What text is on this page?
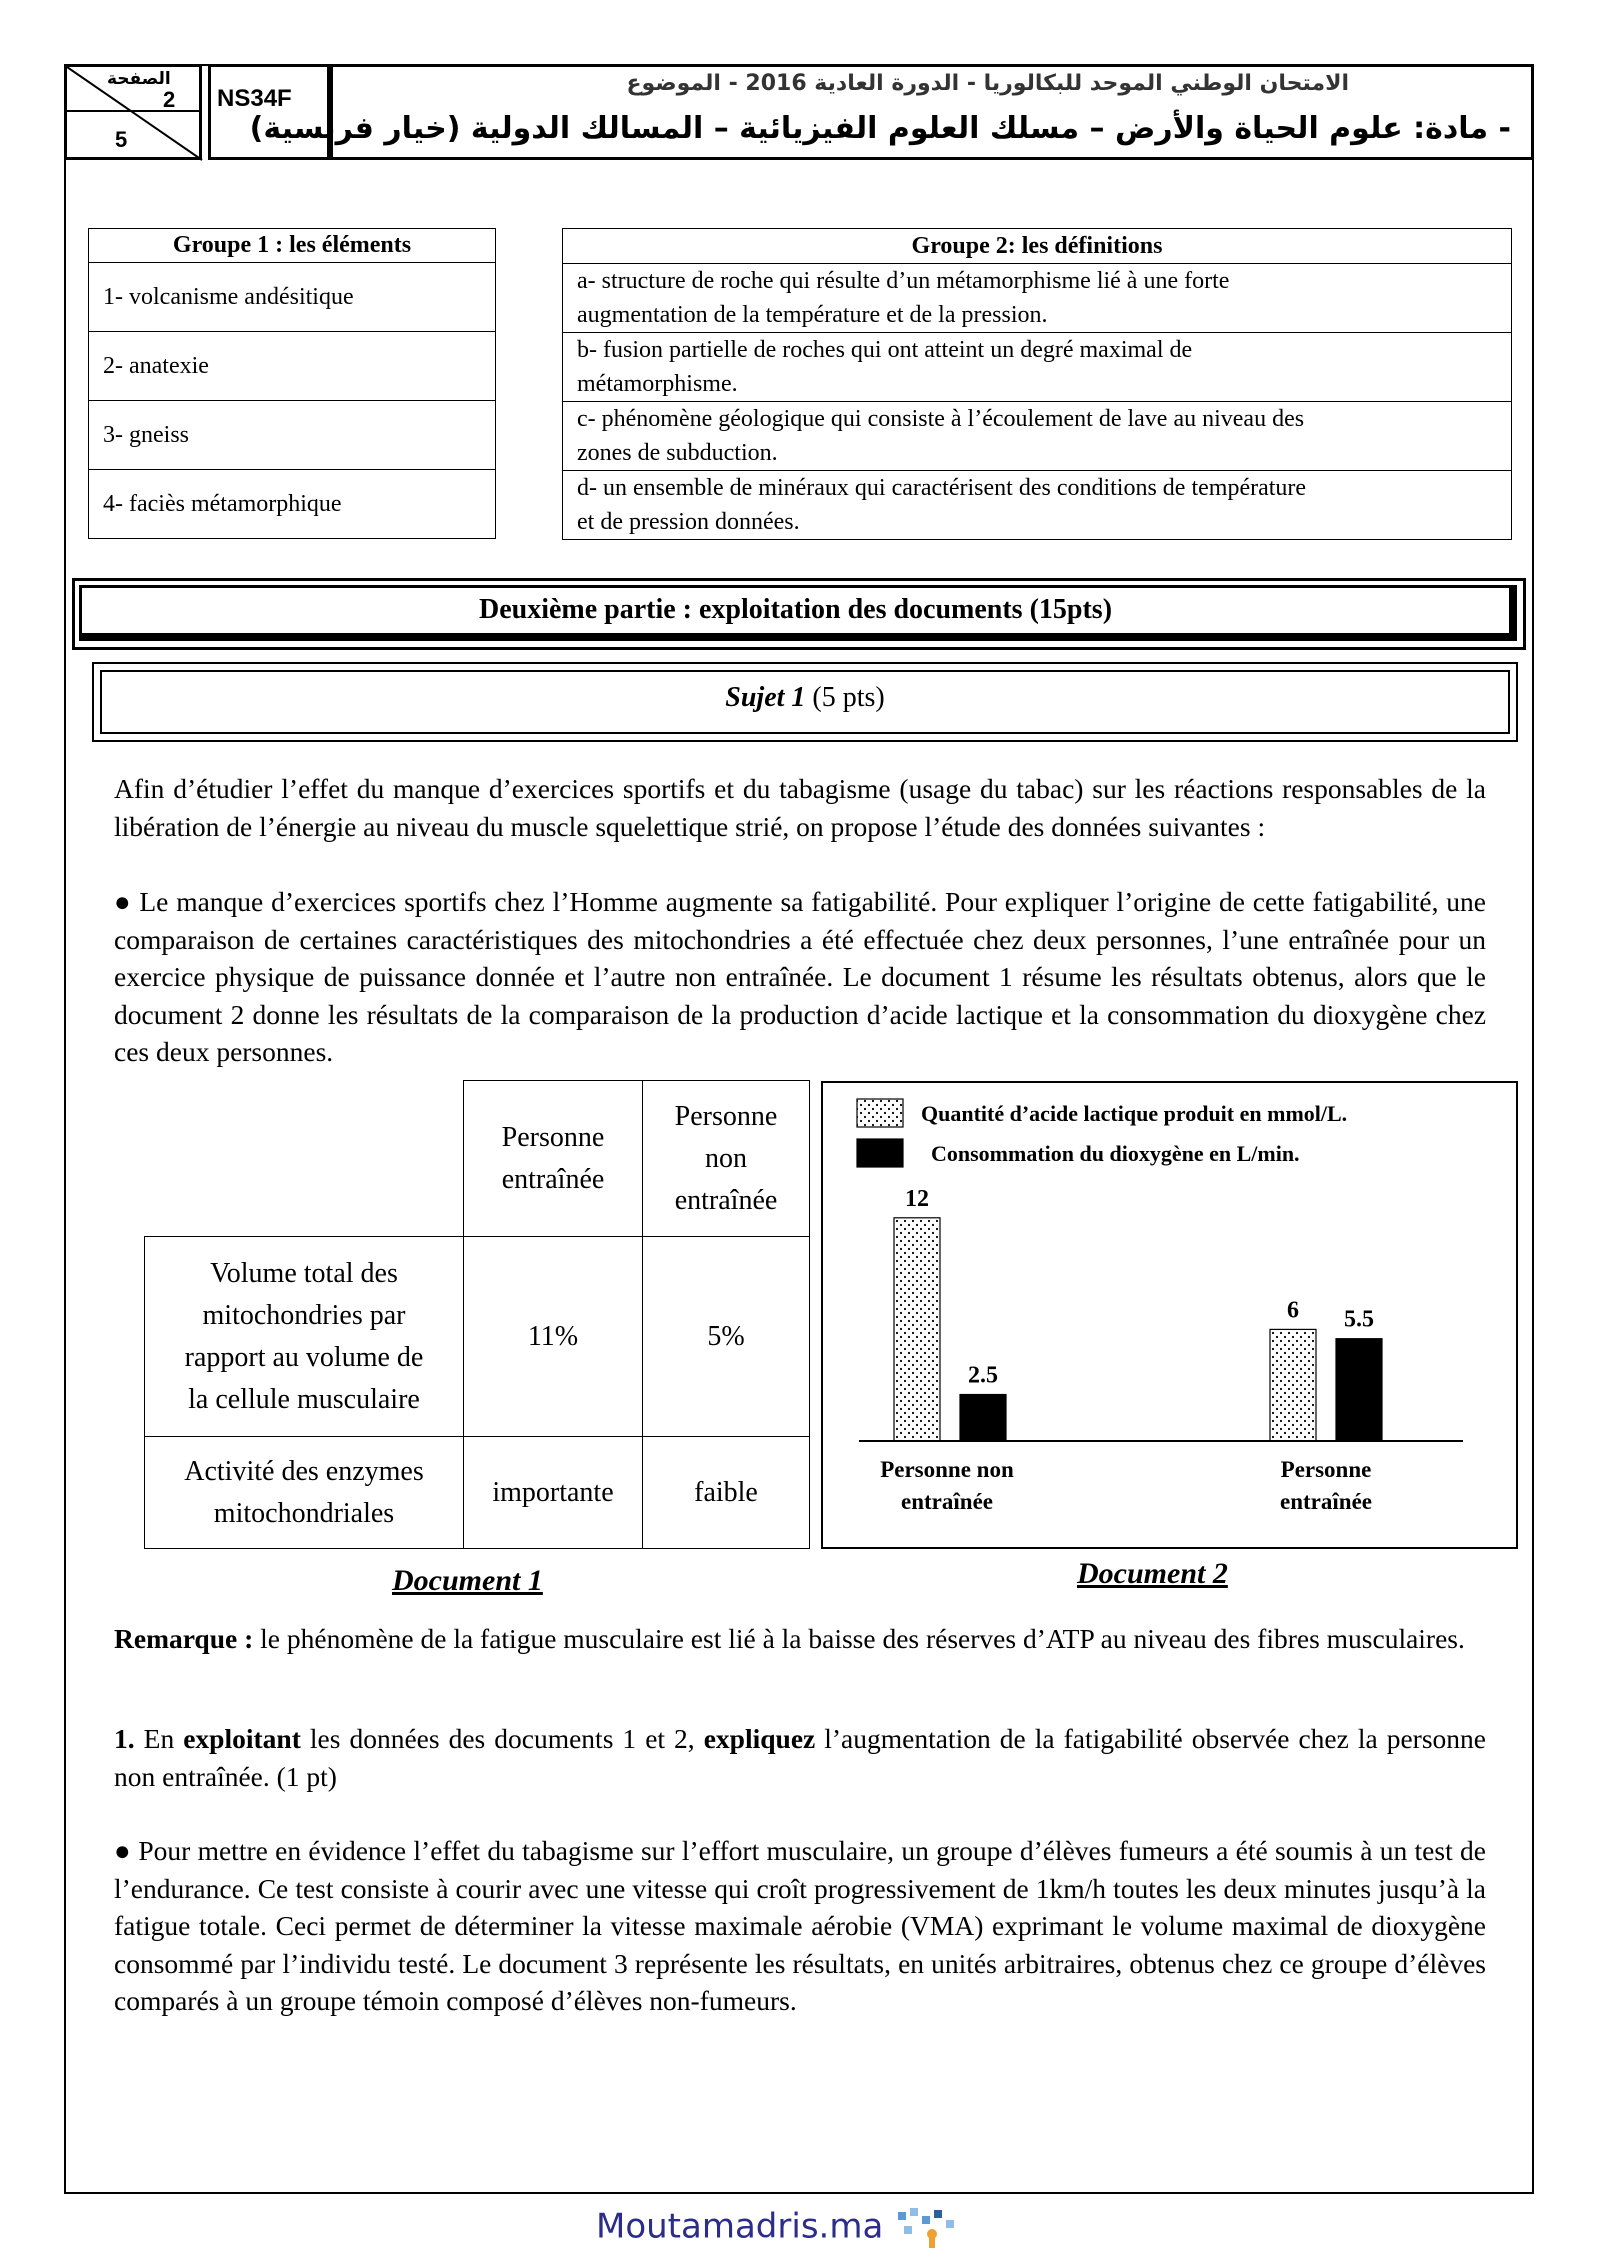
الصفحة
2
5
NS34F
الامتحان الوطني الموحد للبكالوريا - الدورة العادية 2016 - الموضوع
- مادة: علوم الحياة والأرض – مسلك العلوم الفيزيائية – المسالك الدولية (خيار فرنسية)
Groupe 1 : les éléments
1- volcanisme andésitique
2- anatexie
3- gneiss
4- faciès métamorphique
Groupe 2: les définitions
a- structure de roche qui résulte d’un métamorphisme lié à une forte
augmentation de la température et de la pression.
b- fusion partielle de roches qui ont atteint un degré maximal de
métamorphisme.
c- phénomène géologique qui consiste à l’écoulement de lave au niveau des
zones de subduction.
d- un ensemble de minéraux qui caractérisent des conditions de température
et de pression données.
Deuxième partie : exploitation des documents (15pts)
Sujet 1 (5 pts)
Afin d’étudier l’effet du manque d’exercices sportifs et du tabagisme (usage du tabac) sur les réactions responsables de la libération de l’énergie au niveau du muscle squelettique strié, on propose l’étude des données suivantes :
● Le manque d’exercices sportifs chez l’Homme augmente sa fatigabilité. Pour expliquer l’origine de cette fatigabilité, une comparaison de certaines caractéristiques des mitochondries a été effectuée chez deux personnes, l’une entraînée pour un exercice physique de puissance donnée et l’autre non entraînée. Le document 1 résume les résultats obtenus, alors que le document 2 donne les résultats de la comparaison de la production d’acide lactique et la consommation du dioxygène chez ces deux personnes.
	Personne
entraînée	Personne
non
entraînée
Volume total des
mitochondries par
rapport au volume de
la cellule musculaire	11%	5%
Activité des enzymes
mitochondriales	importante	faible
Document 1
Quantité d’acide lactique produit en mmol/L.
Consommation du dioxygène en L/min.
12
6
2.5
5.5
Personne non
entraînée
Personne
entraînée
Document 2
Remarque : le phénomène de la fatigue musculaire est lié à la baisse des réserves d’ATP au niveau des fibres musculaires.
1. En exploitant les données des documents 1 et 2, expliquez l’augmentation de la fatigabilité observée chez la personne non entraînée. (1 pt)
● Pour mettre en évidence l’effet du tabagisme sur l’effort musculaire, un groupe d’élèves fumeurs a été soumis à un test de l’endurance. Ce test consiste à courir avec une vitesse qui croît progressivement de 1km/h toutes les deux minutes jusqu’à la fatigue totale. Ceci permet de déterminer la vitesse maximale aérobie (VMA) exprimant le volume maximal de dioxygène consommé par l’individu testé. Le document 3 représente les résultats, en unités arbitraires, obtenus chez ce groupe d’élèves comparés à un groupe témoin composé d’élèves non-fumeurs.
Moutamadris.ma
